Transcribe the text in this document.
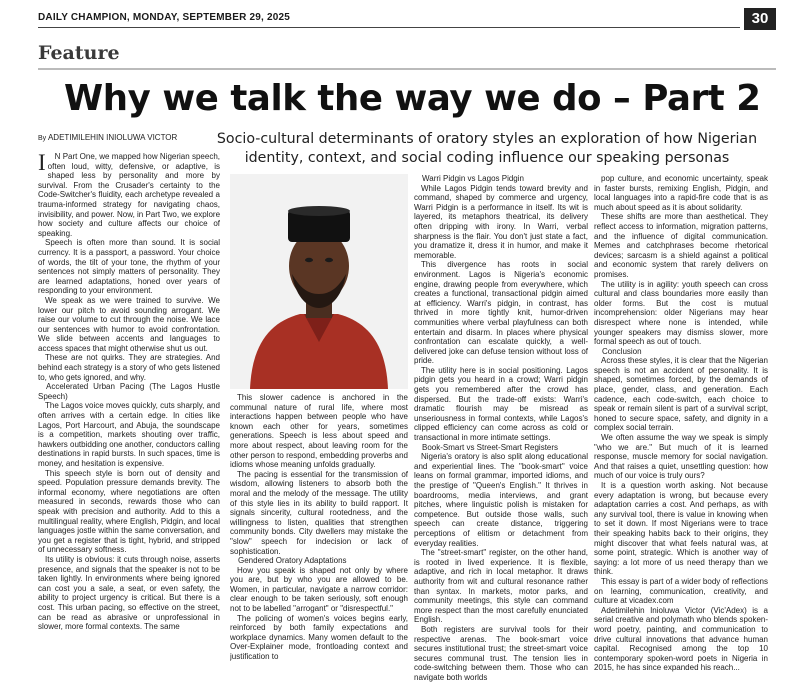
DAILY CHAMPION, MONDAY, SEPTEMBER 29, 2025	30
Feature
Why we talk the way we do – Part 2
By ADETIMILEHIN INIOLUWA VICTOR	Socio-cultural determinants of oratory styles an exploration of how Nigerian identity, context, and social coding influence our speaking personas

I N Part One, we mapped how Nigerian speech, often loud, witty, defensive, or adaptive, is shaped less by personality and more by survival. From the Crusader's certainty to the Code-Switcher's fluidity, each archetype revealed a trauma-informed strategy for navigating chaos, invisibility, and power. Now, in Part Two, we explore how society and culture affects our choice of speaking.

Speech is often more than sound. It is social currency. It is a passport, a password. Your choice of words, the tilt of your tone, the rhythm of your sentences not simply matters of personality. They are learned adaptations, honed over years of responding to your environment.

We speak as we were trained to survive. We lower our pitch to avoid sounding arrogant. We raise our volume to cut through the noise. We lace our sentences with humor to avoid confrontation. We slide between accents and languages to access spaces that might otherwise shut us out.

These are not quirks. They are strategies. And behind each strategy is a story of who gets listened to, who gets ignored, and why.

Accelerated Urban Pacing (The Lagos Hustle Speech)

The Lagos voice moves quickly, cuts sharply, and often arrives with a certain edge. In cities like Lagos, Port Harcourt, and Abuja, the soundscape is a competition, markets shouting over traffic, hawkers outbidding one another, conductors calling destinations in rapid bursts. In such spaces, time is money, and hesitation is expensive.

This speech style is born out of density and speed. Population pressure demands brevity. The informal economy, where negotiations are often measured in seconds, rewards those who can speak with precision and authority. Add to this a multilingual reality, where English, Pidgin, and local languages jostle within the same conversation, and you get a register that is tight, hybrid, and stripped of unnecessary softness.

Its utility is obvious: it cuts through noise, asserts presence, and signals that the speaker is not to be taken lightly. In environments where being ignored can cost you a sale, a seat, or even safety, the ability to project urgency is critical. But there is a cost. This urban pacing, so effective on the street, can be read as abrasive or unprofessional in slower, more formal contexts. The same

This slower cadence is anchored in the communal nature of rural life, where most interactions happen between people who have known each other for years, sometimes generations. Speech is less about speed and more about respect, about leaving room for the other person to respond, embedding proverbs and idioms whose meaning unfolds gradually.

The pacing is essential for the transmission of wisdom, allowing listeners to absorb both the moral and the melody of the message. The utility of this style lies in its ability to build rapport. It signals sincerity, cultural rootedness, and the willingness to listen, qualities that strengthen community bonds. City dwellers may mistake the "slow" speech for indecision or lack of sophistication.

Gendered Oratory Adaptations

How you speak is shaped not only by where you are, but by who you are allowed to be. Women, in particular, navigate a narrow corridor: clear enough to be taken seriously, soft enough not to be labelled "arrogant" or "disrespectful."

The policing of women's voices begins early, reinforced by both family expectations and workplace dynamics. Many women default to the Over-Explainer mode, frontloading context and justification to

Warri Pidgin vs Lagos Pidgin

While Lagos Pidgin tends toward brevity and command, shaped by commerce and urgency, Warri Pidgin is a performance in itself. Its wit is layered, its metaphors theatrical, its delivery often dripping with irony. In Warri, verbal sharpness is the flair. You don't just state a fact, you dramatize it, dress it in humor, and make it memorable.

This divergence has roots in social environment. Lagos is Nigeria's economic engine, drawing people from everywhere, which creates a functional, transactional pidgin aimed at efficiency. Warri's pidgin, in contrast, has thrived in more tightly knit, humor-driven communities where verbal playfulness can both entertain and disarm. In places where physical confrontation can escalate quickly, a well-delivered joke can defuse tension without loss of pride.

The utility here is in social positioning. Lagos pidgin gets you heard in a crowd; Warri pidgin gets you remembered after the crowd has dispersed. But the trade-off exists: Warri's dramatic flourish may be misread as unseriousness in formal contexts, while Lagos's clipped efficiency can come across as cold or transactional in more intimate settings.

Book-Smart vs Street-Smart Registers

Nigeria's oratory is also split along educational and experiential lines. The "book-smart" voice leans on formal grammar, imported idioms, and the prestige of "Queen's English." It thrives in boardrooms, media interviews, and grant pitches, where linguistic polish is mistaken for competence. But outside those walls, such speech can create distance, triggering perceptions of elitism or detachment from everyday realities.

The "street-smart" register, on the other hand, is rooted in lived experience. It is flexible, adaptive, and rich in local metaphor. It draws authority from wit and cultural resonance rather than syntax. In markets, motor parks, and community meetings, this style can command more respect than the most carefully enunciated English.

Both registers are survival tools for their respective arenas. The book-smart voice secures institutional trust; the street-smart voice secures communal trust. The tension lies in code-switching between them. Those who can navigate both worlds

pop culture, and economic uncertainty, speak in faster bursts, remixing English, Pidgin, and local languages into a rapid-fire code that is as much about speed as it is about solidarity.

These shifts are more than aesthetical. They reflect access to information, migration patterns, and the influence of digital communication. Memes and catchphrases become rhetorical devices; sarcasm is a shield against a political and economic system that rarely delivers on promises.

The utility is in agility: youth speech can cross cultural and class boundaries more easily than older forms. But the cost is mutual incomprehension: older Nigerians may hear disrespect where none is intended, while younger speakers may dismiss slower, more formal speech as out of touch.

Conclusion

Across these styles, it is clear that the Nigerian speech is not an accident of personality. It is shaped, sometimes forced, by the demands of place, gender, class, and generation. Each cadence, each code-switch, each choice to speak or remain silent is part of a survival script, honed to secure space, safety, and dignity in a complex social terrain.

We often assume the way we speak is simply "who we are." But much of it is learned response, muscle memory for social navigation. And that raises a quiet, unsettling question: how much of our voice is truly ours?

It is a question worth asking. Not because every adaptation is wrong, but because every adaptation carries a cost. And perhaps, as with any survival tool, there is value in knowing when to set it down. If most Nigerians were to trace their speaking habits back to their origins, they might discover that what feels natural was, at some point, strategic. Which is another way of saying: a lot more of us need therapy than we think.

This essay is part of a wider body of reflections on learning, communication, creativity, and culture at vicadex.com

Adetimilehin Inioluwa Victor (Vic'Adex) is a serial creative and polymath who blends spoken-word poetry, painting, and communication to drive cultural innovations that advance human capital. Recognised among the top 10 contemporary spoken-word poets in Nigeria in 2015, he has since expanded his reach...
